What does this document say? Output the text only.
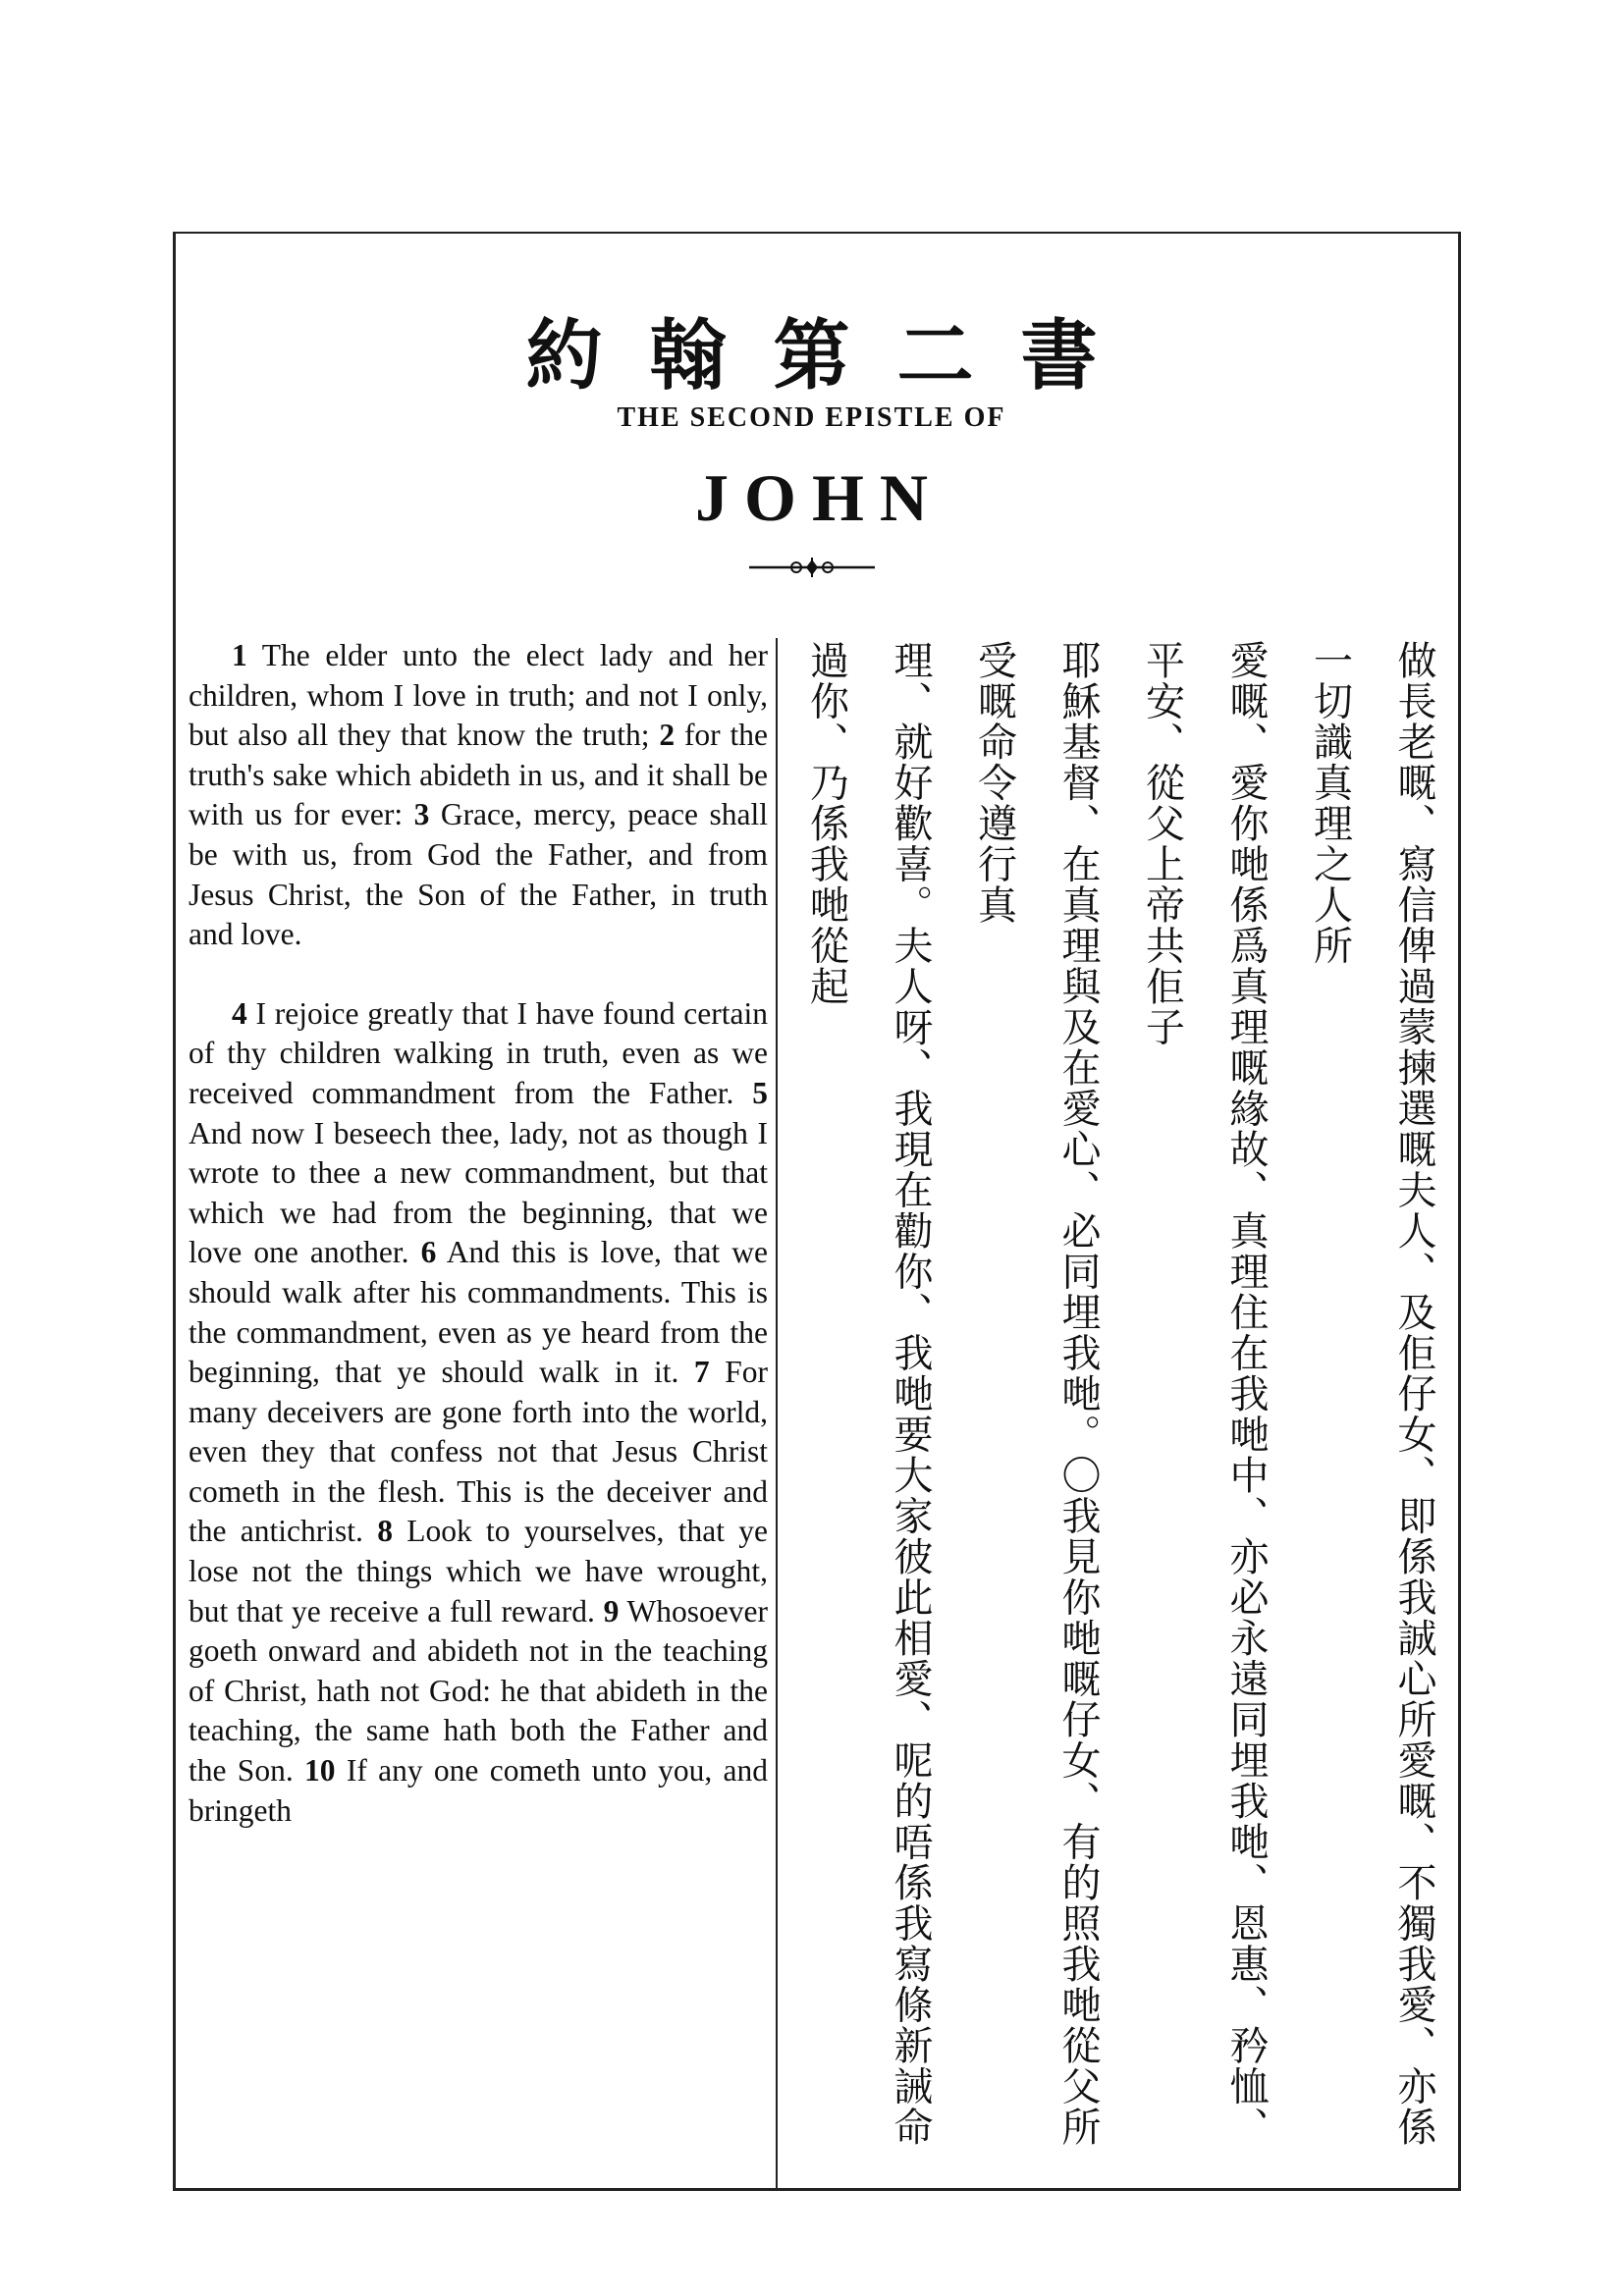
約翰第二書
THE SECOND EPISTLE OF
JOHN

1 The elder unto the elect lady and her children, whom I love in truth; and not I only, but also all they that know the truth; 2 for the truth's sake which abideth in us, and it shall be with us for ever: 3 Grace, mercy, peace shall be with us, from God the Father, and from Jesus Christ, the Son of the Father, in truth and love.

4 I rejoice greatly that I have found certain of thy children walking in truth, even as we received commandment from the Father. 5 And now I beseech thee, lady, not as though I wrote to thee a new commandment, but that which we had from the beginning, that we love one another. 6 And this is love, that we should walk after his commandments. This is the commandment, even as ye heard from the beginning, that ye should walk in it. 7 For many deceivers are gone forth into the world, even they that confess not that Jesus Christ cometh in the flesh. This is the deceiver and the antichrist. 8 Look to yourselves, that ye lose not the things which we have wrought, but that ye receive a full reward. 9 Whosoever goeth onward and abideth not in the teaching of Christ, hath not God: he that abideth in the teaching, the same hath both the Father and the Son. 10 If any one cometh unto you, and bringeth	做長老嘅、寫信俾過蒙揀選嘅夫人、及佢仔女、即係我誠心所愛嘅、不獨我愛、亦係一切識真理之人所
愛嘅、愛你哋係爲真理嘅緣故、真理住在我哋中、亦必永遠同埋我哋、恩惠、矜恤、平安、從父上帝共佢子
耶穌基督、在真理與及在愛心、必同埋我哋。〇我見你哋嘅仔女、有的照我哋從父所受嘅命令遵行真
理、就好歡喜。夫人呀、我現在勸你、我哋要大家彼此相愛、呢的唔係我寫條新誡命過你、乃係我哋從起
